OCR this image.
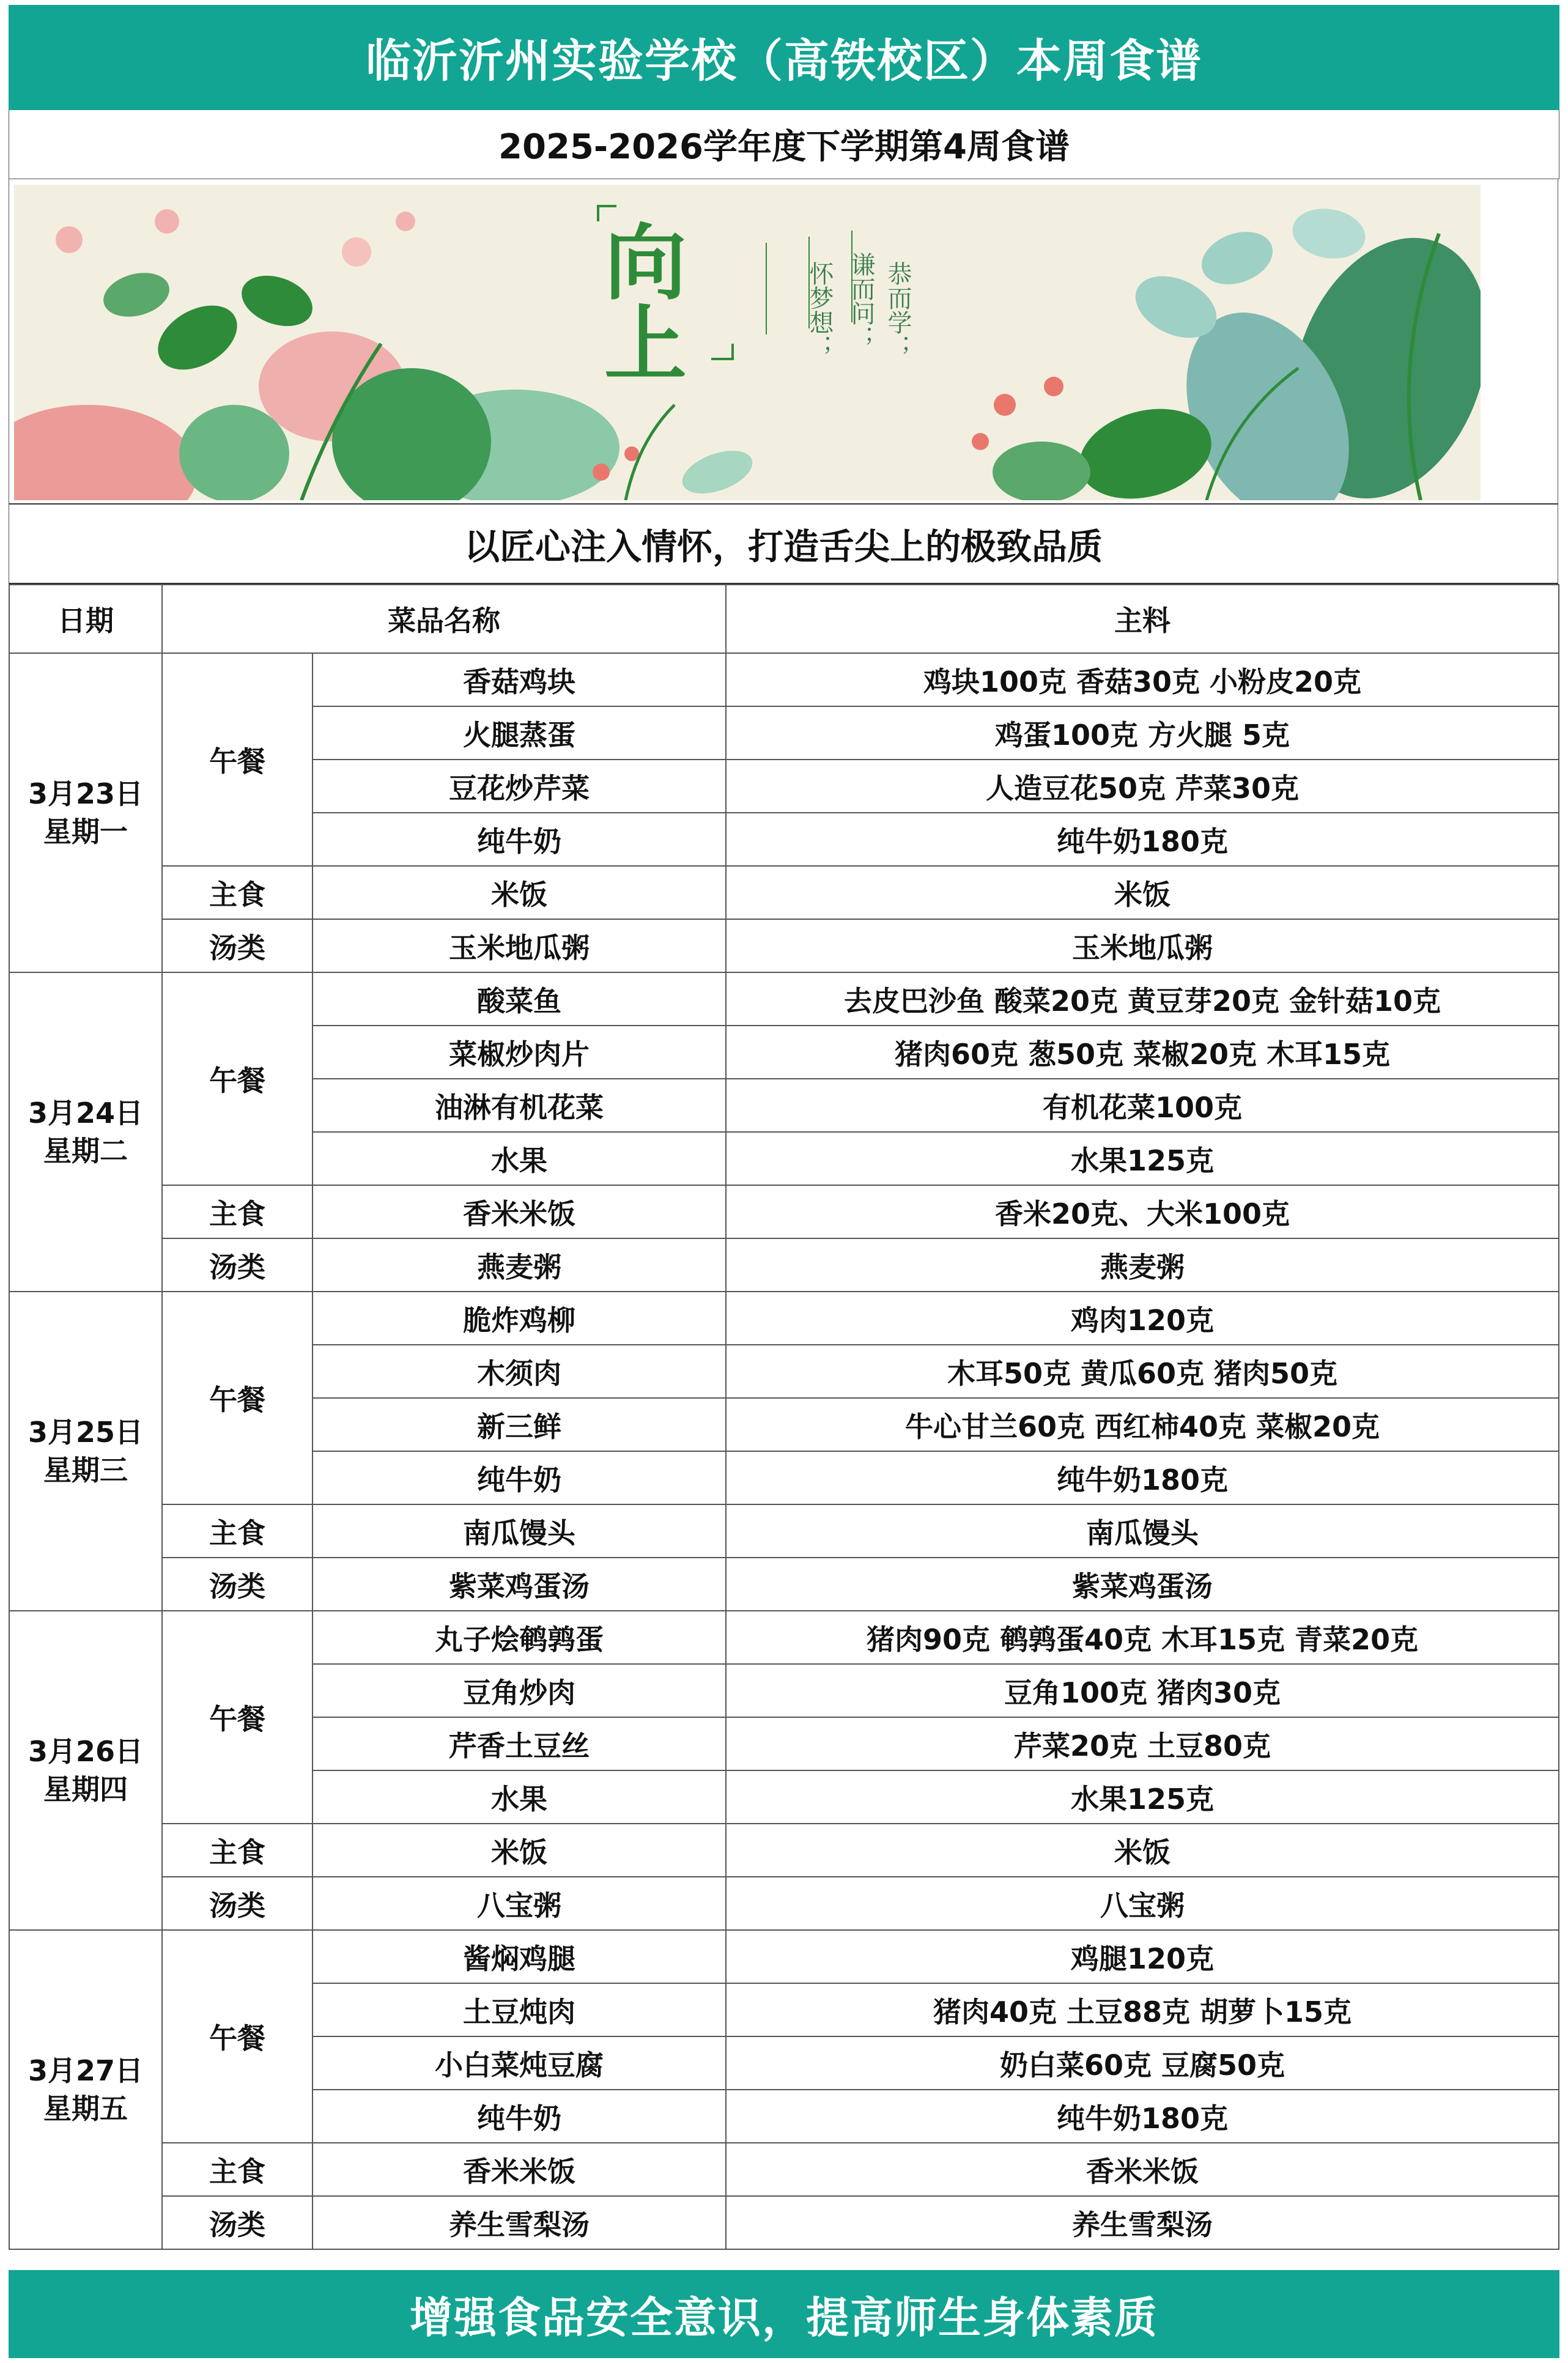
临沂沂州实验学校（高铁校区）本周食谱
2025-2026学年度下学期第4周食谱
向
上	恭而学；
谦而问；
怀梦想；
以匠心注入情怀，打造舌尖上的极致品质
日期	菜品名称		主料

3月23日
星期一	午餐	香菇鸡块	鸡块100克 香菇30克 小粉皮20克
		火腿蒸蛋	鸡蛋100克 方火腿 5克
		豆花炒芹菜	人造豆花50克 芹菜30克
		纯牛奶	纯牛奶180克
	主食	米饭	米饭
	汤类	玉米地瓜粥	玉米地瓜粥

3月24日
星期二	午餐	酸菜鱼	去皮巴沙鱼 酸菜20克 黄豆芽20克 金针菇10克
		菜椒炒肉片	猪肉60克 葱50克 菜椒20克 木耳15克
		油淋有机花菜	有机花菜100克
		水果	水果125克
	主食	香米米饭	香米20克、大米100克
	汤类	燕麦粥	燕麦粥

3月25日
星期三	午餐	脆炸鸡柳	鸡肉120克
		木须肉	木耳50克 黄瓜60克 猪肉50克
		新三鲜	牛心甘兰60克 西红柿40克 菜椒20克
		纯牛奶	纯牛奶180克
	主食	南瓜馒头	南瓜馒头
	汤类	紫菜鸡蛋汤	紫菜鸡蛋汤

3月26日
星期四	午餐	丸子烩鹌鹑蛋	猪肉90克 鹌鹑蛋40克 木耳15克 青菜20克
		豆角炒肉	豆角100克 猪肉30克
		芹香土豆丝	芹菜20克 土豆80克
		水果	水果125克
	主食	米饭	米饭
	汤类	八宝粥	八宝粥

3月27日
星期五	午餐	酱焖鸡腿	鸡腿120克
		土豆炖肉	猪肉40克 土豆88克 胡萝卜15克
		小白菜炖豆腐	奶白菜60克 豆腐50克
		纯牛奶	纯牛奶180克
	主食	香米米饭	香米米饭
	汤类	养生雪梨汤	养生雪梨汤
增强食品安全意识，提高师生身体素质
